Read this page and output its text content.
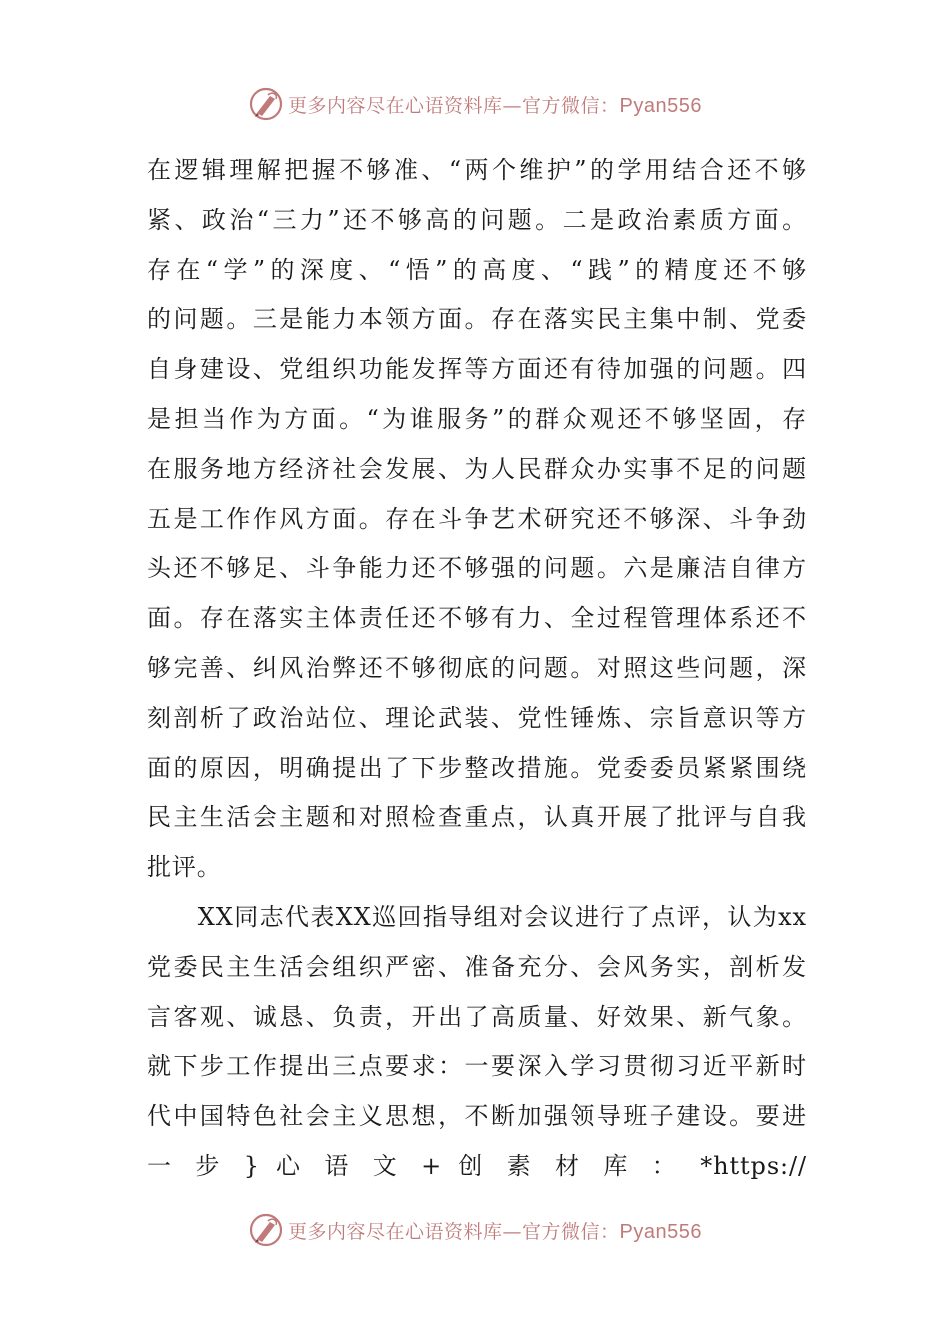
更多内容尽在心语资料库—官方微信：Pyan556
在逻辑理解把握不够准、“两个维护”的学用结合还不够
紧、政治“三力”还不够高的问题。二是政治素质方面。
存在“学”的深度、“悟”的高度、“践”的精度还不够
的问题。三是能力本领方面。存在落实民主集中制、党委
自身建设、党组织功能发挥等方面还有待加强的问题。四
是担当作为方面。“为谁服务”的群众观还不够坚固，存
在服务地方经济社会发展、为人民群众办实事不足的问题
五是工作作风方面。存在斗争艺术研究还不够深、斗争劲
头还不够足、斗争能力还不够强的问题。六是廉洁自律方
面。存在落实主体责任还不够有力、全过程管理体系还不
够完善、纠风治弊还不够彻底的问题。对照这些问题，深
刻剖析了政治站位、理论武装、党性锤炼、宗旨意识等方
面的原因，明确提出了下步整改措施。党委委员紧紧围绕
民主生活会主题和对照检查重点，认真开展了批评与自我
批评。
　　XX同志代表XX巡回指导组对会议进行了点评，认为xx
党委民主生活会组织严密、准备充分、会风务实，剖析发
言客观、诚恳、负责，开出了高质量、好效果、新气象。
就下步工作提出三点要求：一要深入学习贯彻习近平新时
代中国特色社会主义思想，不断加强领导班子建设。要进
一 步 } 心 语 文 + 创 素 材 库 ： *https://
更多内容尽在心语资料库—官方微信：Pyan556
